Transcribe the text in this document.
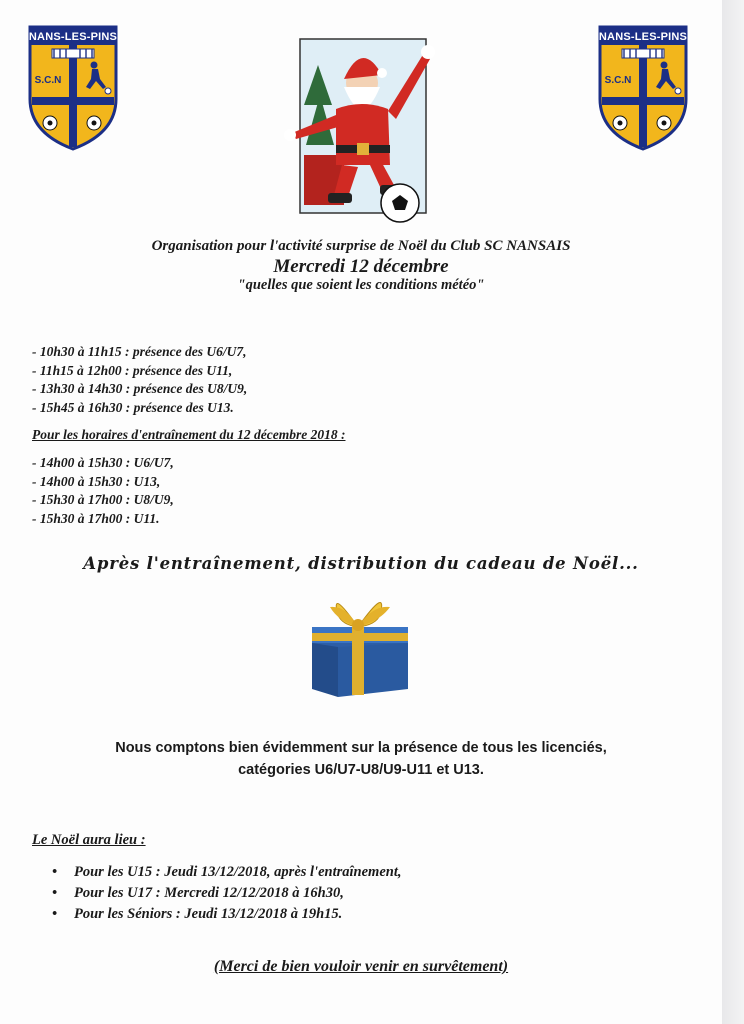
NANS-LES-PINS
S.C.N
NANS-LES-PINS
S.C.N
Organisation pour l'activité surprise de Noël du Club SC NANSAIS
Mercredi 12 décembre
"quelles que soient les conditions météo"
- 10h30 à 11h15 : présence des U6/U7,
- 11h15 à 12h00 : présence des U11,
- 13h30 à 14h30 : présence des U8/U9,
- 15h45 à 16h30 : présence des U13.
Pour les horaires d'entraînement du 12 décembre 2018 :
- 14h00 à 15h30 : U6/U7,
- 14h00 à 15h30 : U13,
- 15h30 à 17h00 : U8/U9,
- 15h30 à 17h00 : U11.
Après l'entraînement, distribution du cadeau de Noël...
Nous comptons bien évidemment sur la présence de tous les licenciés,
catégories U6/U7-U8/U9-U11 et U13.
Le Noël aura lieu :
• Pour les U15 : Jeudi 13/12/2018, après l'entraînement,
• Pour les U17 : Mercredi 12/12/2018 à 16h30,
• Pour les Séniors : Jeudi 13/12/2018 à 19h15.
(Merci de bien vouloir venir en survêtement)
